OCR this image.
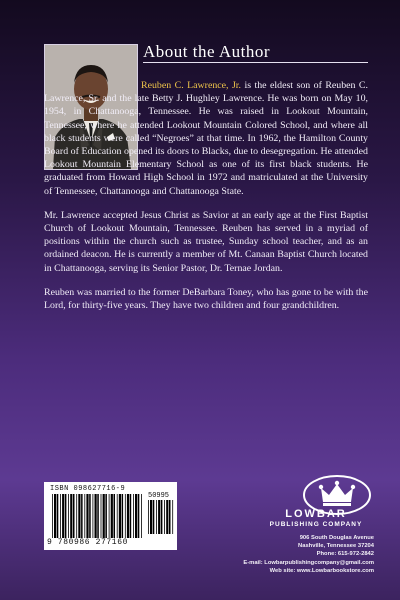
About the Author

Reuben C. Lawrence, Jr. is the eldest son of Reuben C. Lawrence, Sr. and the late Betty J. Hughley Lawrence. He was born on May 10, 1954, in Chattanooga, Tennessee. He was raised in Lookout Mountain, Tennessee, where he attended Lookout Mountain Colored School, and where all black students were called “Negroes” at that time. In 1962, the Hamilton County Board of Education opened its doors to Blacks, due to desegregation. He attended Lookout Mountain Elementary School as one of its first black students. He graduated from Howard High School in 1972 and matriculated at the University of Tennessee, Chattanooga and Chattanooga State.

Mr. Lawrence accepted Jesus Christ as Savior at an early age at the First Baptist Church of Lookout Mountain, Tennessee. Reuben has served in a myriad of positions within the church such as trustee, Sunday school teacher, and as an ordained deacon. He is currently a member of Mt. Canaan Baptist Church located in Chattanooga, serving its Senior Pastor, Dr. Ternae Jordan.

Reuben was married to the former DeBarbara Toney, who has gone to be with the Lord, for thirty-five years. They have two children and four grandchildren.

ISBN 098627716-9
50995
9 780986 277160
LOWBAR
PUBLISHING COMPANY
906 South Douglas Avenue
Nashville, Tennessee 37204
Phone: 615-972-2842
E-mail: Lowbarpublishingcompany@gmail.com
Web site: www.Lowbarbookstore.com
